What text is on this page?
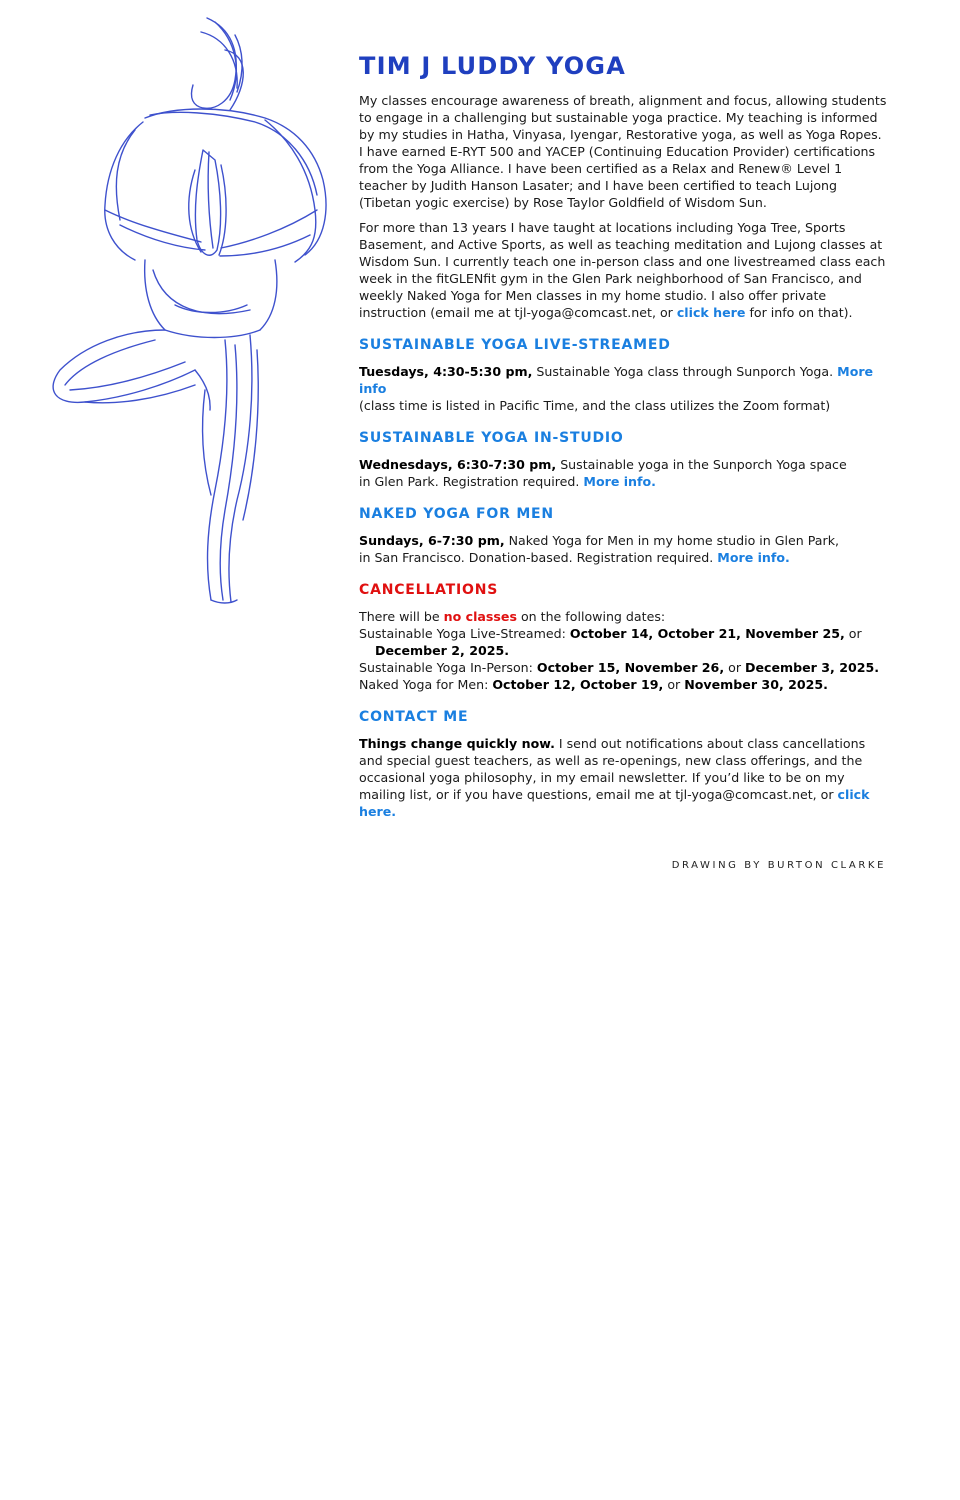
TIM J LUDDY YOGA

My classes encourage awareness of breath, alignment and focus, allowing students to engage in a challenging but sustainable yoga practice. My teaching is informed by my studies in Hatha, Vinyasa, Iyengar, Restorative yoga, as well as Yoga Ropes. I have earned E-RYT 500 and YACEP (Continuing Education Provider) certifications from the Yoga Alliance. I have been certified as a Relax and Renew® Level 1 teacher by Judith Hanson Lasater; and I have been certified to teach Lujong (Tibetan yogic exercise) by Rose Taylor Goldfield of Wisdom Sun.

For more than 13 years I have taught at locations including Yoga Tree, Sports Basement, and Active Sports, as well as teaching meditation and Lujong classes at Wisdom Sun. I currently teach one in-person class and one livestreamed class each week in the fitGLENfit gym in the Glen Park neighborhood of San Francisco, and weekly Naked Yoga for Men classes in my home studio. I also offer private instruction (email me at tjl-yoga@comcast.net, or click here for info on that).

SUSTAINABLE YOGA LIVE-STREAMED

Tuesdays, 4:30-5:30 pm, Sustainable Yoga class through Sunporch Yoga. More info
(class time is listed in Pacific Time, and the class utilizes the Zoom format)

SUSTAINABLE YOGA IN-STUDIO

Wednesdays, 6:30-7:30 pm, Sustainable yoga in the Sunporch Yoga space
in Glen Park. Registration required. More info.

NAKED YOGA FOR MEN

Sundays, 6-7:30 pm, Naked Yoga for Men in my home studio in Glen Park,
in San Francisco. Donation-based. Registration required. More info.

CANCELLATIONS

There will be no classes on the following dates:

Sustainable Yoga Live-Streamed: October 14, October 21, November 25, or

December 2, 2025.

Sustainable Yoga In-Person: October 15, November 26, or December 3, 2025.

Naked Yoga for Men: October 12, October 19, or November 30, 2025.

CONTACT ME

Things change quickly now. I send out notifications about class cancellations and special guest teachers, as well as re-openings, new class offerings, and the occasional yoga philosophy, in my email newsletter. If you’d like to be on my mailing list, or if you have questions, email me at tjl-yoga@comcast.net, or click here.

DRAWING BY BURTON CLARKE
